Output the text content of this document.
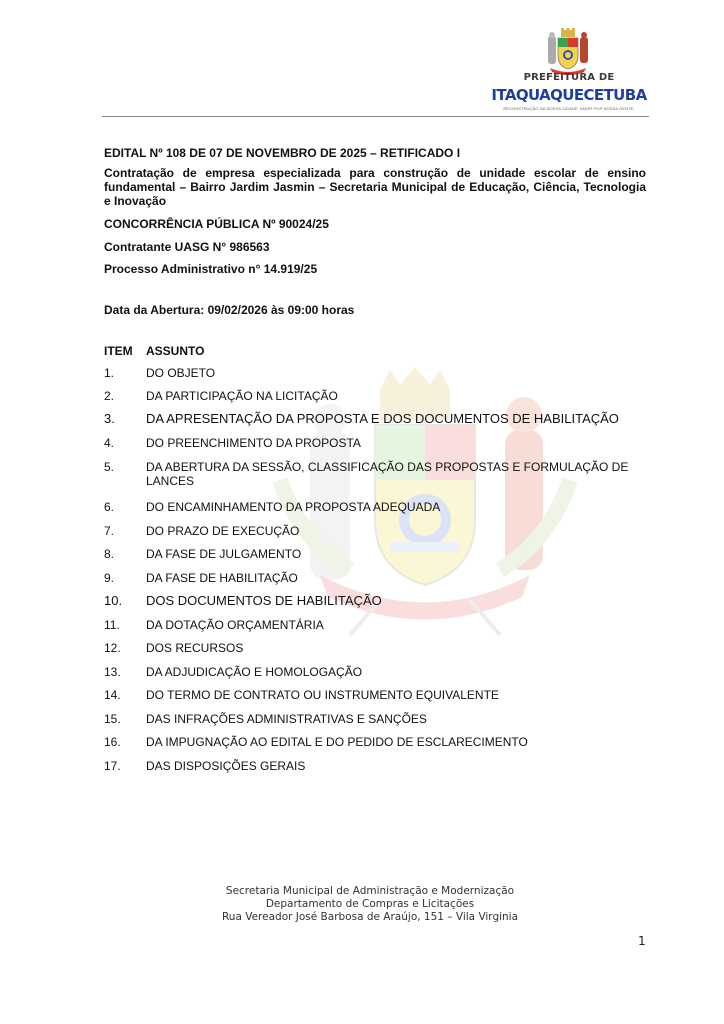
PREFEITURA DE
ITAQUAQUECETUBA
RECONSTRUÇÃO DA NOSSA CIDADE. AMOR POR NOSSA GENTE.
EDITAL Nº 108 DE 07 DE NOVEMBRO DE 2025 – RETIFICADO I
Contratação de empresa especializada para construção de unidade escolar de ensino fundamental – Bairro Jardim Jasmin – Secretaria Municipal de Educação, Ciência, Tecnologia e Inovação
CONCORRÊNCIA PÚBLICA Nº 90024/25
Contratante UASG N° 986563
Processo Administrativo n° 14.919/25
Data da Abertura: 09/02/2026 às 09:00 horas
ITEM	ASSUNTO
1.	DO OBJETO
2.	DA PARTICIPAÇÃO NA LICITAÇÃO
3.	DA APRESENTAÇÃO DA PROPOSTA E DOS DOCUMENTOS DE HABILITAÇÃO
4.	DO PREENCHIMENTO DA PROPOSTA
5.	DA ABERTURA DA SESSÃO, CLASSIFICAÇÃO DAS PROPOSTAS E FORMULAÇÃO DE LANCES
6.	DO ENCAMINHAMENTO DA PROPOSTA ADEQUADA
7.	DO PRAZO DE EXECUÇÃO
8.	DA FASE DE JULGAMENTO
9.	DA FASE DE HABILITAÇÃO
10.	DOS DOCUMENTOS DE HABILITAÇÃO
11.	DA DOTAÇÃO ORÇAMENTÁRIA
12.	DOS RECURSOS
13.	DA ADJUDICAÇÃO E HOMOLOGAÇÃO
14.	DO TERMO DE CONTRATO OU INSTRUMENTO EQUIVALENTE
15.	DAS INFRAÇÕES ADMINISTRATIVAS E SANÇÕES
16.	DA IMPUGNAÇÃO AO EDITAL E DO PEDIDO DE ESCLARECIMENTO
17.	DAS DISPOSIÇÕES GERAIS
Secretaria Municipal de Administração e Modernização
Departamento de Compras e Licitações
Rua Vereador José Barbosa de Araújo, 151 – Vila Virginia
1
